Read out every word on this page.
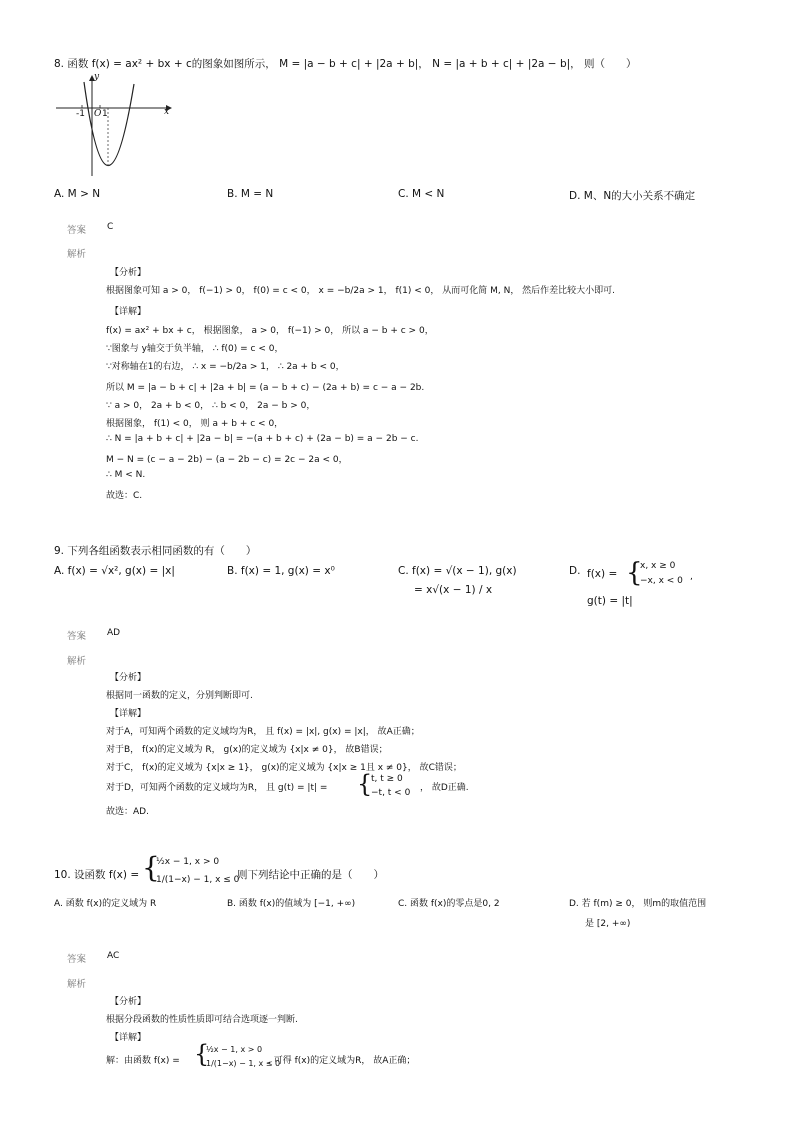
8. 函数 f(x) = ax² + bx + c的图象如图所示， M = |a − b + c| + |2a + b|， N = |a + b + c| + |2a − b|， 则（　　）
y
x
-1 O 1
A. M > N	B. M = N	C. M < N	D. M、N的大小关系不确定
答案 C
解析
【分析】
根据图象可知 a > 0， f(−1) > 0， f(0) = c < 0， x = −b/2a > 1， f(1) < 0， 从而可化简 M, N， 然后作差比较大小即可.
【详解】
f(x) = ax² + bx + c， 根据图象， a > 0， f(−1) > 0， 所以 a − b + c > 0，
∵图象与 y轴交于负半轴， ∴ f(0) = c < 0，
∵对称轴在1的右边， ∴ x = −b/2a > 1， ∴ 2a + b < 0，
所以 M = |a − b + c| + |2a + b| = (a − b + c) − (2a + b) = c − a − 2b.
∵ a > 0， 2a + b < 0， ∴ b < 0， 2a − b > 0，
根据图象， f(1) < 0， 则 a + b + c < 0，
∴ N = |a + b + c| + |2a − b| = −(a + b + c) + (2a − b) = a − 2b − c.
M − N = (c − a − 2b) − (a − 2b − c) = 2c − 2a < 0，
∴ M < N.
故选：C.
9. 下列各组函数表示相同函数的有（　　）
A. f(x) = √x², g(x) = |x|	B. f(x) = 1, g(x) = x⁰	C. f(x) = √(x − 1), g(x)
= x√(x − 1) / x
D. f(x) = {
x, x ≥ 0
−x, x < 0 ,
g(t) = |t|
答案 AD
解析
【分析】
根据同一函数的定义，分别判断即可.
【详解】
对于A，可知两个函数的定义域均为R， 且 f(x) = |x|, g(x) = |x|， 故A正确；
对于B， f(x)的定义域为 R， g(x)的定义域为 {x|x ≠ 0}， 故B错误；
对于C， f(x)的定义域为 {x|x ≥ 1}， g(x)的定义域为 {x|x ≥ 1且 x ≠ 0}， 故C错误；
对于D，可知两个函数的定义域均为R， 且 g(t) = |t| = {
t, t ≥ 0
−t, t < 0 ， 故D正确.
故选：AD.
10. 设函数 f(x) = {
½x − 1, x > 0
1/(1−x) − 1, x ≤ 0
则下列结论中正确的是（　　）
A. 函数 f(x)的定义域为 R	B. 函数 f(x)的值域为 [−1, +∞)	C. 函数 f(x)的零点是0, 2	D. 若 f(m) ≥ 0， 则m的取值范围
是 [2, +∞)
答案 AC
解析
【分析】
根据分段函数的性质性质即可结合选项逐一判断.
【详解】
解：由函数 f(x) = {
½x − 1, x > 0
1/(1−x) − 1, x ≤ 0
, 可得 f(x)的定义域为R， 故A正确；
